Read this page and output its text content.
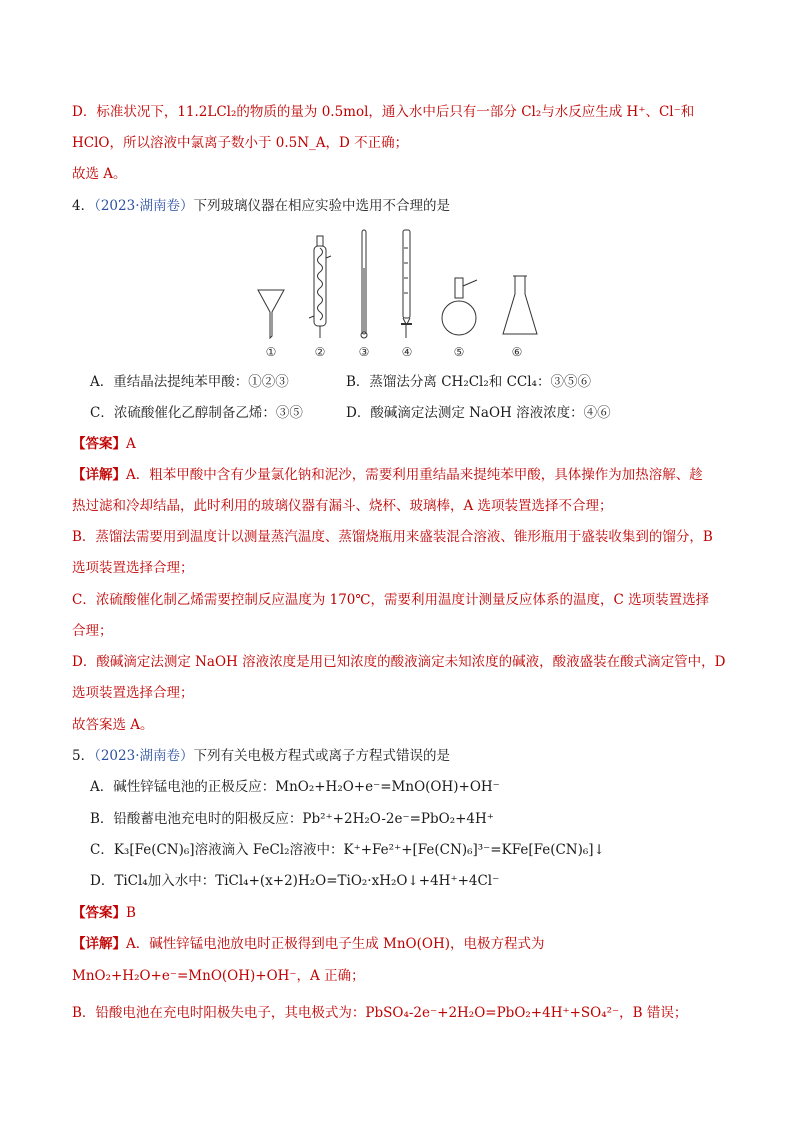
D．标准状况下，11.2LCl₂的物质的量为 0.5mol，通入水中后只有一部分 Cl₂与水反应生成 H⁺、Cl⁻和
HClO，所以溶液中氯离子数小于 0.5N_A，D 不正确；
故选 A。
4．（2023·湖南卷）下列玻璃仪器在相应实验中选用不合理的是
①	②	③	④	⑤	⑥
A．重结晶法提纯苯甲酸：①②③	B．蒸馏法分离 CH₂Cl₂和 CCl₄：③⑤⑥
C．浓硫酸催化乙醇制备乙烯：③⑤	D．酸碱滴定法测定 NaOH 溶液浓度：④⑥
【答案】A
【详解】A．粗苯甲酸中含有少量氯化钠和泥沙，需要利用重结晶来提纯苯甲酸，具体操作为加热溶解、趁
热过滤和冷却结晶，此时利用的玻璃仪器有漏斗、烧杯、玻璃棒，A 选项装置选择不合理；
B．蒸馏法需要用到温度计以测量蒸汽温度、蒸馏烧瓶用来盛装混合溶液、锥形瓶用于盛装收集到的馏分，B
选项装置选择合理；
C．浓硫酸催化制乙烯需要控制反应温度为 170℃，需要利用温度计测量反应体系的温度，C 选项装置选择
合理；
D．酸碱滴定法测定 NaOH 溶液浓度是用已知浓度的酸液滴定未知浓度的碱液，酸液盛装在酸式滴定管中，D
选项装置选择合理；
故答案选 A。
5．（2023·湖南卷）下列有关电极方程式或离子方程式错误的是
A．碱性锌锰电池的正极反应：MnO₂+H₂O+e⁻=MnO(OH)+OH⁻
B．铅酸蓄电池充电时的阳极反应：Pb²⁺+2H₂O-2e⁻=PbO₂+4H⁺
C．K₃[Fe(CN)₆]溶液滴入 FeCl₂溶液中：K⁺+Fe²⁺+[Fe(CN)₆]³⁻=KFe[Fe(CN)₆]↓
D．TiCl₄加入水中：TiCl₄+(x+2)H₂O=TiO₂·xH₂O↓+4H⁺+4Cl⁻
【答案】B
【详解】A．碱性锌锰电池放电时正极得到电子生成 MnO(OH)，电极方程式为
MnO₂+H₂O+e⁻=MnO(OH)+OH⁻，A 正确；
B．铅酸电池在充电时阳极失电子，其电极式为：PbSO₄-2e⁻+2H₂O=PbO₂+4H⁺+SO₄²⁻，B 错误；
